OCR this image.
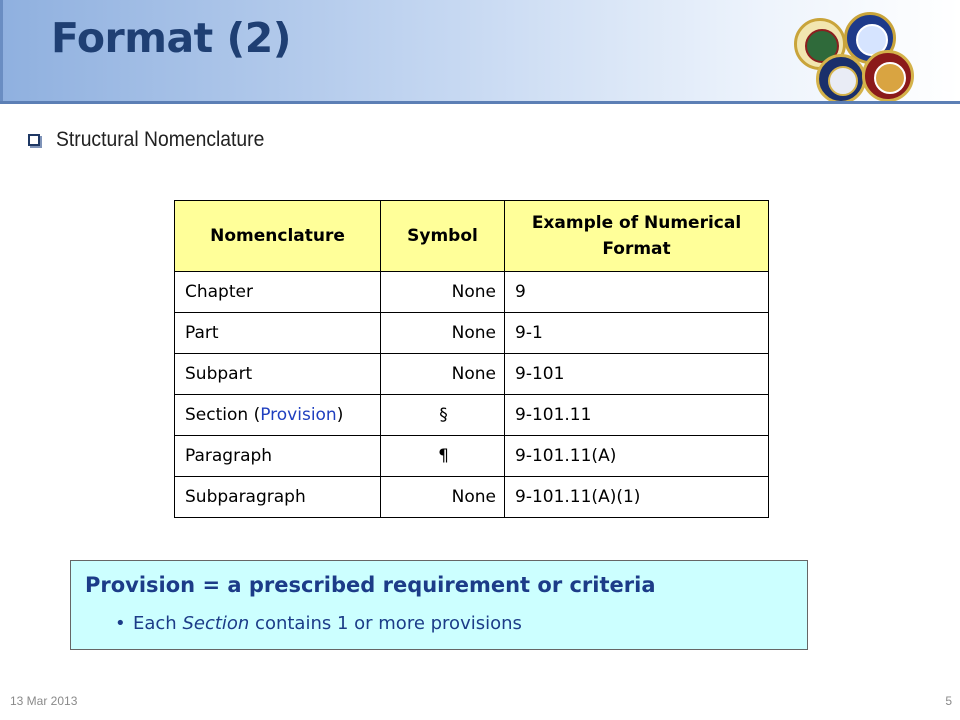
Format (2)
Structural Nomenclature
Nomenclature	Symbol	Example of Numerical
Format
Chapter	None	9
Part	None	9-1
Subpart	None	9-101
Section (Provision)	§	9-101.11
Paragraph	¶	9-101.11(A)
Subparagraph	None	9-101.11(A)(1)
Provision = a prescribed requirement or criteria
• Each Section contains 1 or more provisions
13 Mar 2013	5
